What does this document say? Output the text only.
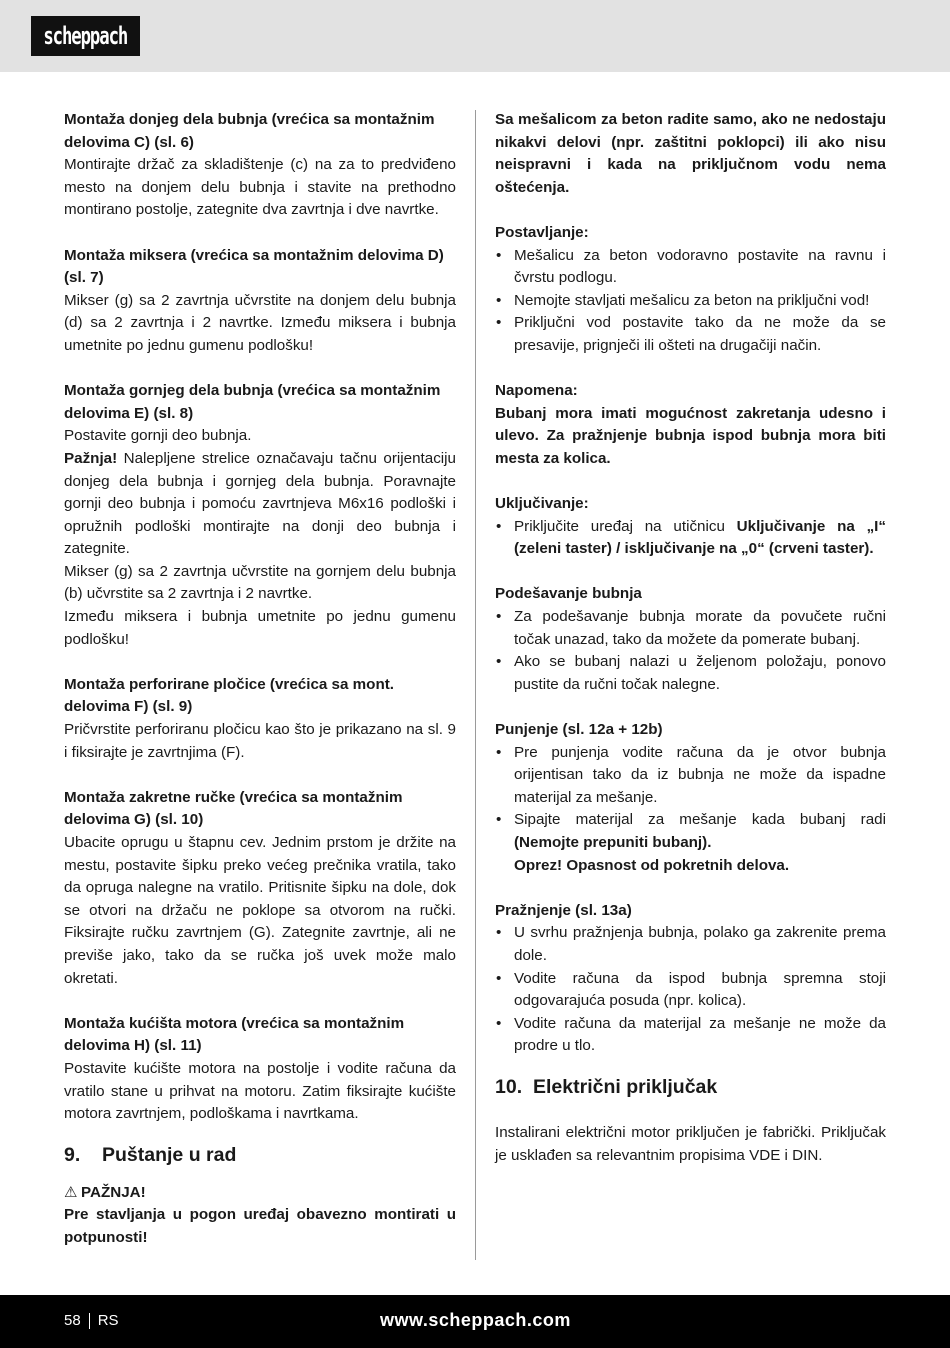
scheppach

Montaža donjeg dela bubnja (vrećica sa montažnim delovima C) (sl. 6)

Montirajte držač za skladištenje (c) na za to predviđeno mesto na donjem delu bubnja i stavite na prethodno montirano postolje, zategnite dva zavrtnja i dve navrtke.

Montaža miksera (vrećica sa montažnim delovima D) (sl. 7)

Mikser (g) sa 2 zavrtnja učvrstite na donjem delu bubnja (d) sa 2 zavrtnja i 2 navrtke. Između miksera i bubnja umetnite po jednu gumenu podlošku!

Montaža gornjeg dela bubnja (vrećica sa montažnim delovima E) (sl. 8)

Postavite gornji deo bubnja.

Pažnja! Nalepljene strelice označavaju tačnu orijentaciju donjeg dela bubnja i gornjeg dela bubnja. Poravnajte gornji deo bubnja i pomoću zavrtnjeva M6x16 podloški i opružnih podloški montirajte na donji deo bubnja i zategnite.

Mikser (g) sa 2 zavrtnja učvrstite na gornjem delu bubnja (b) učvrstite sa 2 zavrtnja i 2 navrtke.

Između miksera i bubnja umetnite po jednu gumenu podlošku!

Montaža perforirane pločice (vrećica sa mont. delovima F) (sl. 9)

Pričvrstite perforiranu pločicu kao što je prikazano na sl. 9 i fiksirajte je zavrtnjima (F).

Montaža zakretne ručke (vrećica sa montažnim delovima G) (sl. 10)

Ubacite oprugu u štapnu cev. Jednim prstom je držite na mestu, postavite šipku preko većeg prečnika vratila, tako da opruga nalegne na vratilo. Pritisnite šipku na dole, dok se otvori na držaču ne poklope sa otvorom na ručki. Fiksirajte ručku zavrtnjem (G). Zategnite zavrtnje, ali ne previše jako, tako da se ručka još uvek može malo okretati.

Montaža kućišta motora (vrećica sa montažnim delovima H) (sl. 11)

Postavite kućište motora na postolje i vodite računa da vratilo stane u prihvat na motoru. Zatim fiksirajte kućište motora zavrtnjem, podloškama i navrtkama.

9.	Puštanje u rad

⚠ PAŽNJA!

Pre stavljanja u pogon uređaj obavezno montirati u potpunosti!

Sa mešalicom za beton radite samo, ako ne nedostaju nikakvi delovi (npr. zaštitni poklopci) ili ako nisu neispravni i kada na priključnom vodu nema oštećenja.

Postavljanje:

• Mešalicu za beton vodoravno postavite na ravnu i čvrstu podlogu.
• Nemojte stavljati mešalicu za beton na priključni vod!
• Priključni vod postavite tako da ne može da se presavije, prignječi ili ošteti na drugačiji način.

Napomena:

Bubanj mora imati mogućnost zakretanja udesno i ulevo. Za pražnjenje bubnja ispod bubnja mora biti mesta za kolica.

Uključivanje:

• Priključite uređaj na utičnicu Uključivanje na „I“ (zeleni taster) / isključivanje na „0“ (crveni taster).

Podešavanje bubnja

• Za podešavanje bubnja morate da povučete ručni točak unazad, tako da možete da pomerate bubanj.
• Ako se bubanj nalazi u željenom položaju, ponovo pustite da ručni točak nalegne.

Punjenje (sl. 12a + 12b)

• Pre punjenja vodite računa da je otvor bubnja orijentisan tako da iz bubnja ne može da ispadne materijal za mešanje.
• Sipajte materijal za mešanje kada bubanj radi (Nemojte prepuniti bubanj).
Oprez! Opasnost od pokretnih delova.

Pražnjenje (sl. 13a)

• U svrhu pražnjenja bubnja, polako ga zakrenite prema dole.
• Vodite računa da ispod bubnja spremna stoji odgovarajuća posuda (npr. kolica).
• Vodite računa da materijal za mešanje ne može da prodre u tlo.
10. Električni priključak

Instalirani električni motor priključen je fabrički. Priključak je usklađen sa relevantnim propisima VDE i DIN.

58 RS	www.scheppach.com
